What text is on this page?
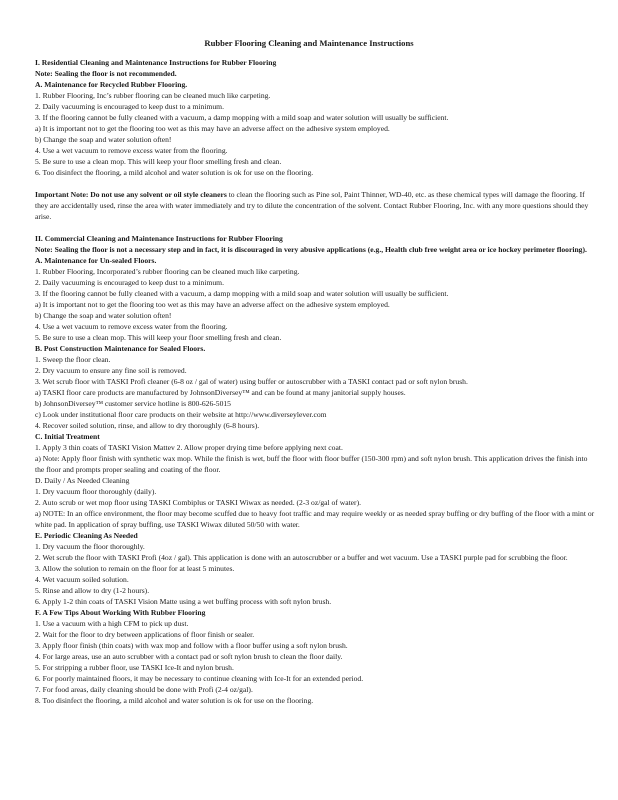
Rubber Flooring Cleaning and Maintenance Instructions
I. Residential Cleaning and Maintenance Instructions for Rubber Flooring
Note: Sealing the floor is not recommended.
A. Maintenance for Recycled Rubber Flooring.
1. Rubber Flooring, Inc’s rubber flooring can be cleaned much like carpeting.
2. Daily vacuuming is encouraged to keep dust to a minimum.
3. If the flooring cannot be fully cleaned with a vacuum, a damp mopping with a mild soap and water solution will usually be sufficient.
a) It is important not to get the flooring too wet as this may have an adverse affect on the adhesive system employed.
b) Change the soap and water solution often!
4. Use a wet vacuum to remove excess water from the flooring.
5. Be sure to use a clean mop. This will keep your floor smelling fresh and clean.
6. Too disinfect the flooring, a mild alcohol and water solution is ok for use on the flooring.
Important Note: Do not use any solvent or oil style cleaners to clean the flooring such as Pine sol, Paint Thinner, WD-40, etc. as these chemical types will damage the flooring. If they are accidentally used, rinse the area with water immediately and try to dilute the concentration of the solvent. Contact Rubber Flooring, Inc. with any more questions should they arise.
II. Commercial Cleaning and Maintenance Instructions for Rubber Flooring
Note: Sealing the floor is not a necessary step and in fact, it is discouraged in very abusive applications (e.g., Health club free weight area or ice hockey perimeter flooring).
A. Maintenance for Un-sealed Floors.
1. Rubber Flooring, Incorporated’s rubber flooring can be cleaned much like carpeting.
2. Daily vacuuming is encouraged to keep dust to a minimum.
3. If the flooring cannot be fully cleaned with a vacuum, a damp mopping with a mild soap and water solution will usually be sufficient.
a) It is important not to get the flooring too wet as this may have an adverse affect on the adhesive system employed.
b) Change the soap and water solution often!
4. Use a wet vacuum to remove excess water from the flooring.
5. Be sure to use a clean mop. This will keep your floor smelling fresh and clean.
B. Post Construction Maintenance for Sealed Floors.
1. Sweep the floor clean.
2. Dry vacuum to ensure any fine soil is removed.
3. Wet scrub floor with TASKI Profi cleaner (6-8 oz / gal of water) using buffer or autoscrubber with a TASKI contact pad or soft nylon brush.
a) TASKI floor care products are manufactured by JohnsonDiversey™ and can be found at many janitorial supply houses.
b) JohnsonDiversey™ customer service hotline is 800-626-5015
c) Look under institutional floor care products on their website at http://www.diverseylever.com
4. Recover soiled solution, rinse, and allow to dry thoroughly (6-8 hours).
C. Initial Treatment
1. Apply 3 thin coats of TASKI Vision Mattev 2. Allow proper drying time before applying next coat.
a) Note: Apply floor finish with synthetic wax mop. While the finish is wet, buff the floor with floor buffer (150-300 rpm) and soft nylon brush. This application drives the finish into the floor and prompts proper sealing and coating of the floor.
D. Daily / As Needed Cleaning
1. Dry vacuum floor thoroughly (daily).
2. Auto scrub or wet mop floor using TASKI Combiplus or TASKI Wiwax as needed. (2-3 oz/gal of water).
a) NOTE: In an office environment, the floor may become scuffed due to heavy foot traffic and may require weekly or as needed spray buffing or dry buffing of the floor with a mint or white pad. In application of spray buffing, use TASKI Wiwax diluted 50/50 with water.
E. Periodic Cleaning As Needed
1. Dry vacuum the floor thoroughly.
2. Wet scrub the floor with TASKI Profi (4oz / gal). This application is done with an autoscrubber or a buffer and wet vacuum. Use a TASKI purple pad for scrubbing the floor.
3. Allow the solution to remain on the floor for at least 5 minutes.
4. Wet vacuum soiled solution.
5. Rinse and allow to dry (1-2 hours).
6. Apply 1-2 thin coats of TASKI Vision Matte using a wet buffing process with soft nylon brush.
F. A Few Tips About Working With Rubber Flooring
1. Use a vacuum with a high CFM to pick up dust.
2. Wait for the floor to dry between applications of floor finish or sealer.
3. Apply floor finish (thin coats) with wax mop and follow with a floor buffer using a soft nylon brush.
4. For large areas, use an auto scrubber with a contact pad or soft nylon brush to clean the floor daily.
5. For stripping a rubber floor, use TASKI Ice-It and nylon brush.
6. For poorly maintained floors, it may be necessary to continue cleaning with Ice-It for an extended period.
7. For food areas, daily cleaning should be done with Profi (2-4 oz/gal).
8. Too disinfect the flooring, a mild alcohol and water solution is ok for use on the flooring.
